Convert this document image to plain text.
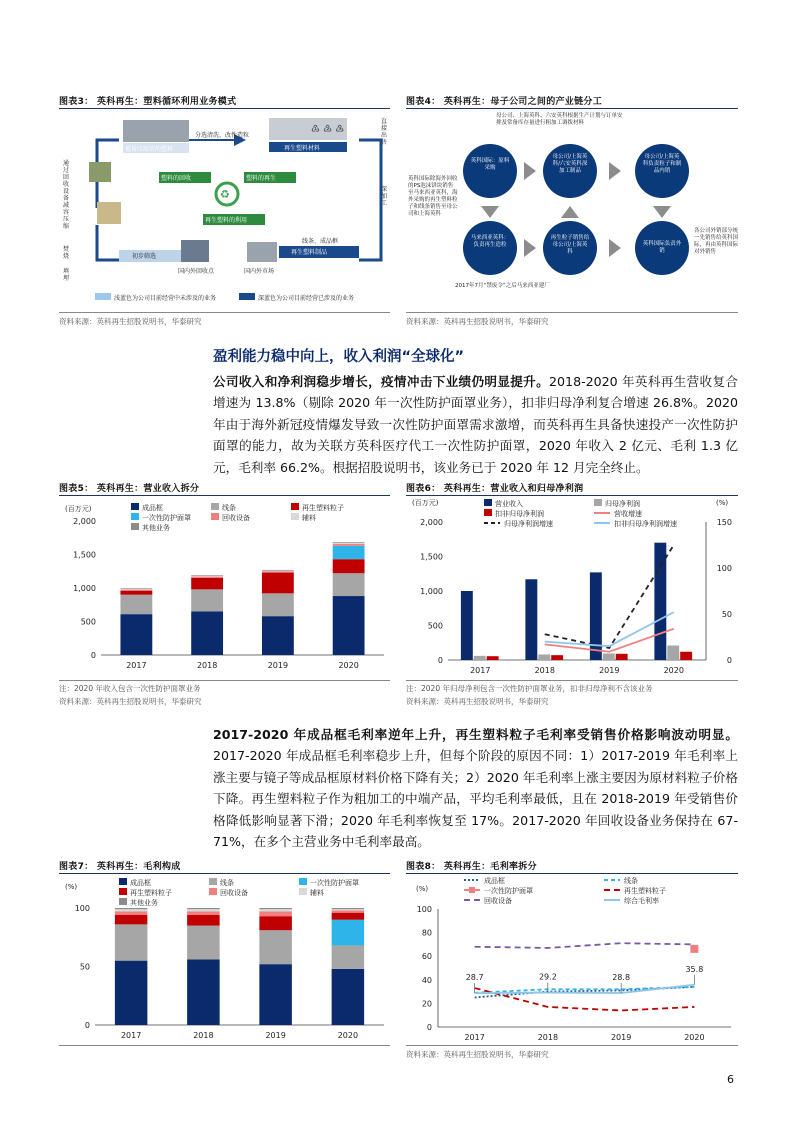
图表3： 英科再生：塑料循环利用业务模式
♳ ♴ ♵
♻
褪昏压缩后的塑料
分选清洗、改性造粒
再生塑料材料
直接出售
深加工
通过回收设备减容压缩
焚烧
填埋
塑料的回收	塑料的再生
再生塑料的利用
线条、成品框
再生塑料制品
初步筛选
国内外回收点	国内外市场
浅蓝色为公司目前经营中未涉及的业务	深蓝色为公司目前经营已涉及的业务
资料来源：英科再生招股说明书，华泰研究
图表4： 英科再生：母子公司之间的产业链分工
母公司、上海英科、六安英科根据生产计划与订单安排及常备库存量进行粗加工调拨材料
英科国际除海外回收的PS泡沫饼块销售至马来西亚英科，海外采购的再生塑料粒子和线条销售至母公司和上海英科
2017年7月“禁废令”之后马来西亚建厂
各公司外销部分统一先销售给英科国际，再由英科国际对外销售
英科国际：原料采购
母公司/上海英科/六安英科深加工制品
母公司/上海英科负责粒子和制品内销
马来西亚英科：负责再生造粒
再生粒子销售给母公司/上海英科
英科国际负责外销
资料来源：英科再生招股说明书，华泰研究
盈利能力稳中向上，收入利润“全球化”
公司收入和净利润稳步增长，疫情冲击下业绩仍明显提升。2018-2020 年英科再生营收复合增速为 13.8%（剔除 2020 年一次性防护面罩业务），扣非归母净利复合增速 26.8%。2020 年由于海外新冠疫情爆发导致一次性防护面罩需求激增，而英科再生具备快速投产一次性防护面罩的能力，故为关联方英科医疗代工一次性防护面罩，2020 年收入 2 亿元、毛利 1.3 亿元，毛利率 66.2%。根据招股说明书，该业务已于 2020 年 12 月完全终止。
图表5： 英科再生：营业收入拆分
(百万元)	成品框	线条	再生塑料粒子
一次性防护面罩	回收设备	辅料
其他业务
0
500
1,000
1,500
2,000
2017	2018	2019	2020
注：2020 年收入包含一次性防护面罩业务
资料来源：英科再生招股说明书，华泰研究
图表6： 英科再生：营业收入和归母净利润
(百万元)	(%)
营业收入	归母净利润
扣非归母净利润	营收增速
归母净利润增速	扣非归母净利润增速
0
500
1,000
1,500
2,000
0
50
100
150
2017	2018	2019	2020
注：2020 年归母净利包含一次性防护面罩业务，扣非归母净利不含该业务
资料来源：英科再生招股说明书，华泰研究
2017-2020 年成品框毛利率逆年上升，再生塑料粒子毛利率受销售价格影响波动明显。2017-2020 年成品框毛利率稳步上升，但每个阶段的原因不同：1）2017-2019 年毛利率上涨主要与镜子等成品框原材料价格下降有关；2）2020 年毛利率上涨主要因为原材料粒子价格下降。再生塑料粒子作为粗加工的中端产品，平均毛利率最低，且在 2018-2019 年受销售价格降低影响显著下滑；2020 年毛利率恢复至 17%。2017-2020 年回收设备业务保持在 67-71%，在多个主营业务中毛利率最高。
图表7： 英科再生：毛利构成
(%)	成品框	线条	一次性防护面罩
再生塑料粒子	回收设备	辅料
其他业务
0
50
100
2017	2018	2019	2020
图表8： 英科再生：毛利率拆分
(%)
成品框	线条
一次性防护面罩	再生塑料粒子
回收设备	综合毛利率
0
20
40
60
80
100
2017	2018	2019	2020
28.7	29.2	28.8
35.8
资料来源：英科再生招股说明书，华泰研究
6
